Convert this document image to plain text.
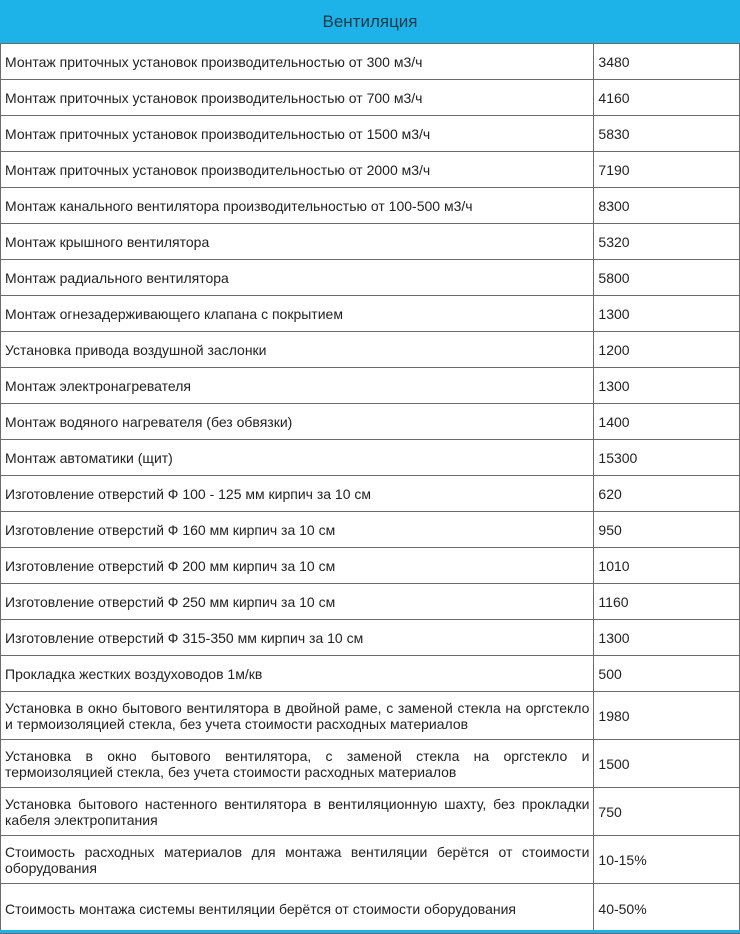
Вентиляция
Монтаж приточных установок производительностью от 300 м3/ч	3480
Монтаж приточных установок производительностью от 700 м3/ч	4160
Монтаж приточных установок производительностью от 1500 м3/ч	5830
Монтаж приточных установок производительностью от 2000 м3/ч	7190
Монтаж канального вентилятора производительностью от 100-500 м3/ч	8300
Монтаж крышного вентилятора	5320
Монтаж радиального вентилятора	5800
Монтаж огнезадерживающего клапана с покрытием	1300
Установка привода воздушной заслонки	1200
Монтаж электронагревателя	1300
Монтаж водяного нагревателя (без обвязки)	1400
Монтаж автоматики (щит)	15300
Изготовление отверстий Ф 100 - 125 мм кирпич за 10 см	620
Изготовление отверстий Ф 160 мм кирпич за 10 см	950
Изготовление отверстий Ф 200 мм кирпич за 10 см	1010
Изготовление отверстий Ф 250 мм кирпич за 10 см	1160
Изготовление отверстий Ф 315-350 мм кирпич за 10 см	1300
Прокладка жестких воздуховодов 1м/кв	500
Установка в окно бытового вентилятора в двойной раме, с заменой стекла на оргстекло и термоизоляцией стекла, без учета стоимости расходных материалов	1980
Установка в окно бытового вентилятора, с заменой стекла на оргстекло и термоизоляцией стекла, без учета стоимости расходных материалов	1500
Установка бытового настенного вентилятора в вентиляционную шахту, без прокладки кабеля электропитания	750
Стоимость расходных материалов для монтажа вентиляции берётся от стоимости оборудования	10-15%
Стоимость монтажа системы вентиляции берётся от стоимости оборудования	40-50%
